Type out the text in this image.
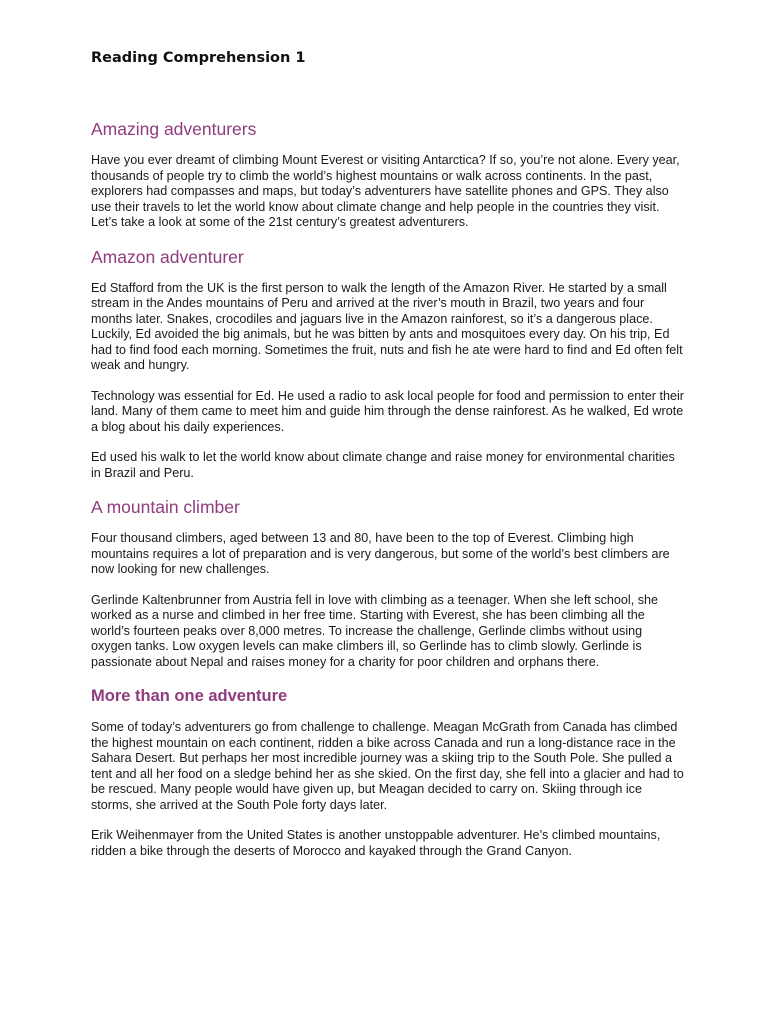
Reading Comprehension 1
Amazing adventurers

Have you ever dreamt of climbing Mount Everest or visiting Antarctica? If so, you’re not alone. Every year, thousands of people try to climb the world’s highest mountains or walk across continents. In the past, explorers had compasses and maps, but today’s adventurers have satellite phones and GPS. They also use their travels to let the world know about climate change and help people in the countries they visit. Let’s take a look at some of the 21st century’s greatest adventurers.

Amazon adventurer

Ed Stafford from the UK is the first person to walk the length of the Amazon River. He started by a small stream in the Andes mountains of Peru and arrived at the river’s mouth in Brazil, two years and four months later. Snakes, crocodiles and jaguars live in the Amazon rainforest, so it’s a dangerous place. Luckily, Ed avoided the big animals, but he was bitten by ants and mosquitoes every day. On his trip, Ed had to find food each morning. Sometimes the fruit, nuts and fish he ate were hard to find and Ed often felt weak and hungry.

Technology was essential for Ed. He used a radio to ask local people for food and permission to enter their land. Many of them came to meet him and guide him through the dense rainforest. As he walked, Ed wrote a blog about his daily experiences.

Ed used his walk to let the world know about climate change and raise money for environmental charities in Brazil and Peru.

A mountain climber

Four thousand climbers, aged between 13 and 80, have been to the top of Everest. Climbing high mountains requires a lot of preparation and is very dangerous, but some of the world’s best climbers are now looking for new challenges.

Gerlinde Kaltenbrunner from Austria fell in love with climbing as a teenager. When she left school, she worked as a nurse and climbed in her free time. Starting with Everest, she has been climbing all the world’s fourteen peaks over 8,000 metres. To increase the challenge, Gerlinde climbs without using oxygen tanks. Low oxygen levels can make climbers ill, so Gerlinde has to climb slowly. Gerlinde is passionate about Nepal and raises money for a charity for poor children and orphans there.

More than one adventure

Some of today’s adventurers go from challenge to challenge. Meagan McGrath from Canada has climbed the highest mountain on each continent, ridden a bike across Canada and run a long-distance race in the Sahara Desert. But perhaps her most incredible journey was a skiing trip to the South Pole. She pulled a tent and all her food on a sledge behind her as she skied. On the first day, she fell into a glacier and had to be rescued. Many people would have given up, but Meagan decided to carry on. Skiing through ice storms, she arrived at the South Pole forty days later.

Erik Weihenmayer from the United States is another unstoppable adventurer. He’s climbed mountains, ridden a bike through the deserts of Morocco and kayaked through the Grand Canyon.
